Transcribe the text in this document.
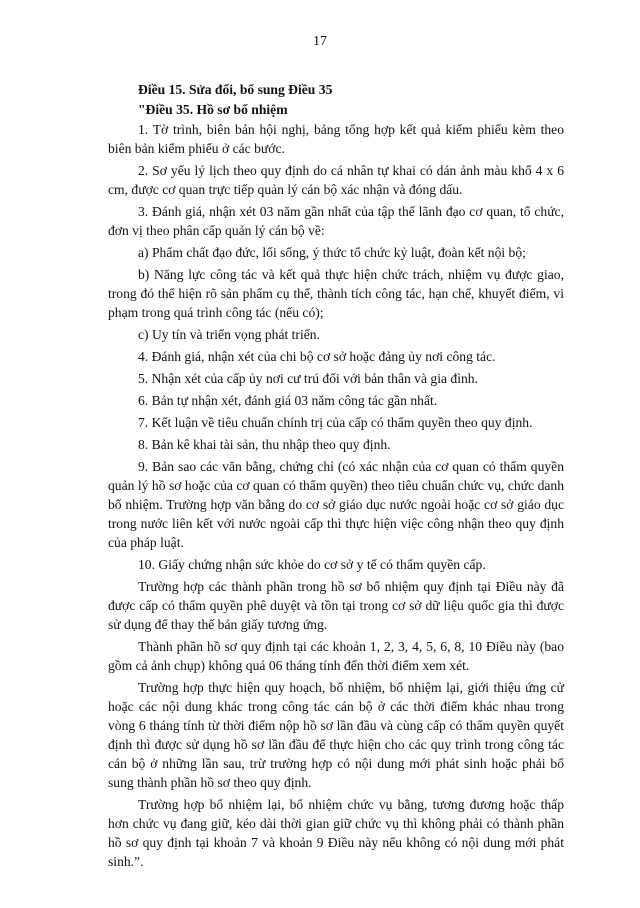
17

Điều 15. Sửa đổi, bổ sung Điều 35

"Điều 35. Hồ sơ bổ nhiệm

1. Tờ trình, biên bản hội nghị, bảng tổng hợp kết quả kiểm phiếu kèm theo biên bản kiểm phiếu ở các bước.

2. Sơ yếu lý lịch theo quy định do cá nhân tự khai có dán ảnh màu khổ 4 x 6 cm, được cơ quan trực tiếp quản lý cán bộ xác nhận và đóng dấu.

3. Đánh giá, nhận xét 03 năm gần nhất của tập thể lãnh đạo cơ quan, tổ chức, đơn vị theo phân cấp quản lý cán bộ về:

a) Phẩm chất đạo đức, lối sống, ý thức tổ chức kỷ luật, đoàn kết nội bộ;

b) Năng lực công tác và kết quả thực hiện chức trách, nhiệm vụ được giao, trong đó thể hiện rõ sản phẩm cụ thể, thành tích công tác, hạn chế, khuyết điểm, vi phạm trong quá trình công tác (nếu có);

c) Uy tín và triển vọng phát triển.

4. Đánh giá, nhận xét của chi bộ cơ sở hoặc đảng ủy nơi công tác.

5. Nhận xét của cấp ủy nơi cư trú đối với bản thân và gia đình.

6. Bản tự nhận xét, đánh giá 03 năm công tác gần nhất.

7. Kết luận về tiêu chuẩn chính trị của cấp có thẩm quyền theo quy định.

8. Bản kê khai tài sản, thu nhập theo quy định.

9. Bản sao các văn bằng, chứng chỉ (có xác nhận của cơ quan có thẩm quyền quản lý hồ sơ hoặc của cơ quan có thẩm quyền) theo tiêu chuẩn chức vụ, chức danh bổ nhiệm. Trường hợp văn bằng do cơ sở giáo dục nước ngoài hoặc cơ sở giáo dục trong nước liên kết với nước ngoài cấp thì thực hiện việc công nhận theo quy định của pháp luật.

10. Giấy chứng nhận sức khỏe do cơ sở y tế có thẩm quyền cấp.

Trường hợp các thành phần trong hồ sơ bổ nhiệm quy định tại Điều này đã được cấp có thẩm quyền phê duyệt và tồn tại trong cơ sở dữ liệu quốc gia thì được sử dụng để thay thế bản giấy tương ứng.

Thành phần hồ sơ quy định tại các khoản 1, 2, 3, 4, 5, 6, 8, 10 Điều này (bao gồm cả ảnh chụp) không quá 06 tháng tính đến thời điểm xem xét.

Trường hợp thực hiện quy hoạch, bổ nhiệm, bổ nhiệm lại, giới thiệu ứng cử hoặc các nội dung khác trong công tác cán bộ ở các thời điểm khác nhau trong vòng 6 tháng tính từ thời điểm nộp hồ sơ lần đầu và cùng cấp có thẩm quyền quyết định thì được sử dụng hồ sơ lần đầu để thực hiện cho các quy trình trong công tác cán bộ ở những lần sau, trừ trường hợp có nội dung mới phát sinh hoặc phải bổ sung thành phần hồ sơ theo quy định.

Trường hợp bổ nhiệm lại, bổ nhiệm chức vụ bằng, tương đương hoặc thấp hơn chức vụ đang giữ, kéo dài thời gian giữ chức vụ thì không phải có thành phần hồ sơ quy định tại khoản 7 và khoản 9 Điều này nếu không có nội dung mới phát sinh.”.
